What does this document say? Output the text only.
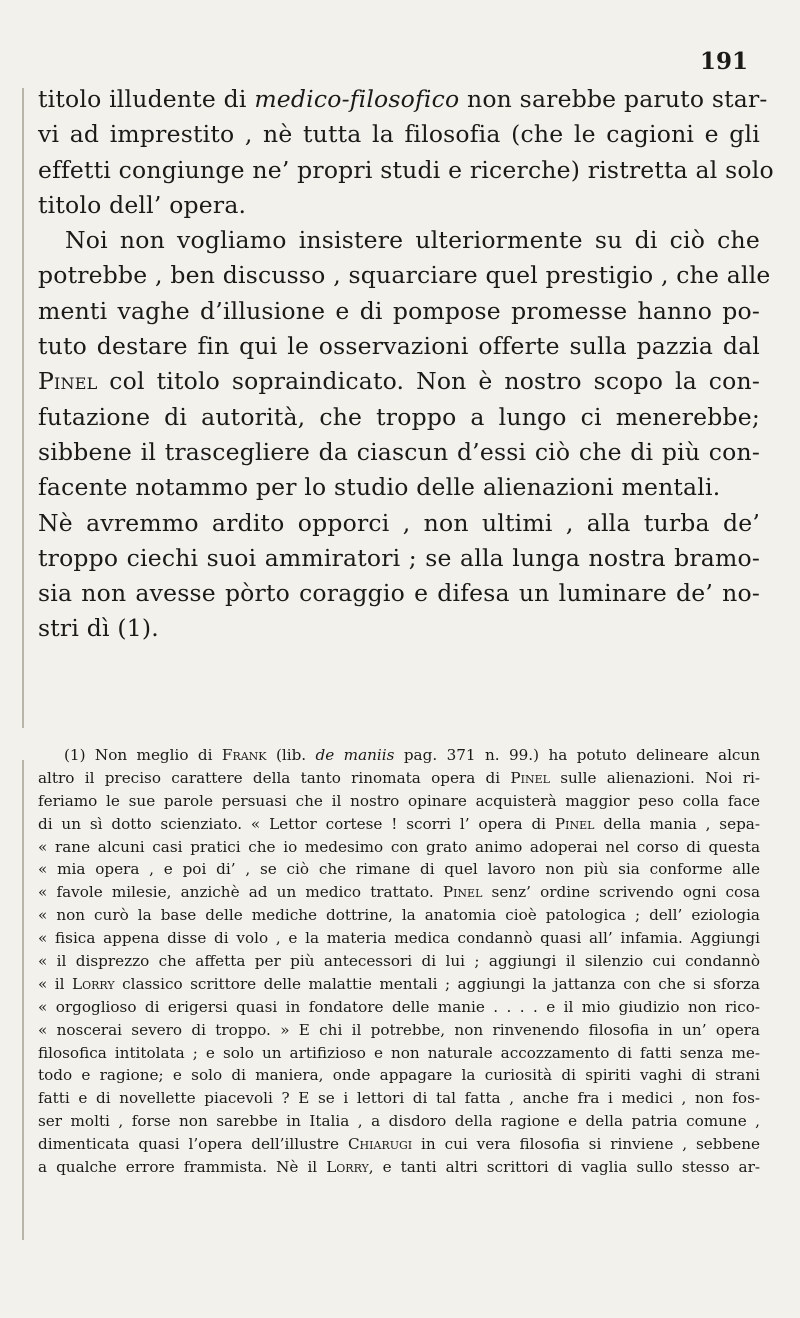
191
titolo illudente di medico-filosofico non sarebbe paruto star-
vi ad imprestito , nè tutta la filosofia (che le cagioni e gli
effetti congiunge ne’ propri studi e ricerche) ristretta al solo
titolo dell’ opera.
Noi non vogliamo insistere ulteriormente su di ciò che
potrebbe , ben discusso , squarciare quel prestigio , che alle
menti vaghe d’illusione e di pompose promesse hanno po-
tuto destare fin qui le osservazioni offerte sulla pazzia dal
Pinel col titolo sopraindicato. Non è nostro scopo la con-
futazione di autorità, che troppo a lungo ci menerebbe;
sibbene il trascegliere da ciascun d’essi ciò che di più con-
facente notammo per lo studio delle alienazioni mentali.
Nè avremmo ardito opporci , non ultimi , alla turba de’
troppo ciechi suoi ammiratori ; se alla lunga nostra bramo-
sia non avesse pòrto coraggio e difesa un luminare de’ no-
stri dì (1).
(1) Non meglio di Frank (lib. de maniis pag. 371 n. 99.) ha potuto delineare alcun
altro il preciso carattere della tanto rinomata opera di Pinel sulle alienazioni. Noi ri-
feriamo le sue parole persuasi che il nostro opinare acquisterà maggior peso colla face
di un sì dotto scienziato. « Lettor cortese ! scorri l’ opera di Pinel della mania , sepa-
« rane alcuni casi pratici che io medesimo con grato animo adoperai nel corso di questa
« mia opera , e poi di’ , se ciò che rimane di quel lavoro non più sia conforme alle
« favole milesie, anzichè ad un medico trattato. Pinel senz’ ordine scrivendo ogni cosa
« non curò la base delle mediche dottrine, la anatomia cioè patologica ; dell’ eziologia
« fisica appena disse di volo , e la materia medica condannò quasi all’ infamia. Aggiungi
« il disprezzo che affetta per più antecessori di lui ; aggiungi il silenzio cui condannò
« il Lorry classico scrittore delle malattie mentali ; aggiungi la jattanza con che si sforza
« orgoglioso di erigersi quasi in fondatore delle manie . . . . e il mio giudizio non rico-
« noscerai severo di troppo. » E chi il potrebbe, non rinvenendo filosofia in un’ opera
filosofica intitolata ; e solo un artifizioso e non naturale accozzamento di fatti senza me-
todo e ragione; e solo di maniera, onde appagare la curiosità di spiriti vaghi di strani
fatti e di novellette piacevoli ? E se i lettori di tal fatta , anche fra i medici , non fos-
ser molti , forse non sarebbe in Italia , a disdoro della ragione e della patria comune ,
dimenticata quasi l’opera dell’illustre Chiarugi in cui vera filosofia si rinviene , sebbene
a qualche errore frammista. Nè il Lorry, e tanti altri scrittori di vaglia sullo stesso ar-
